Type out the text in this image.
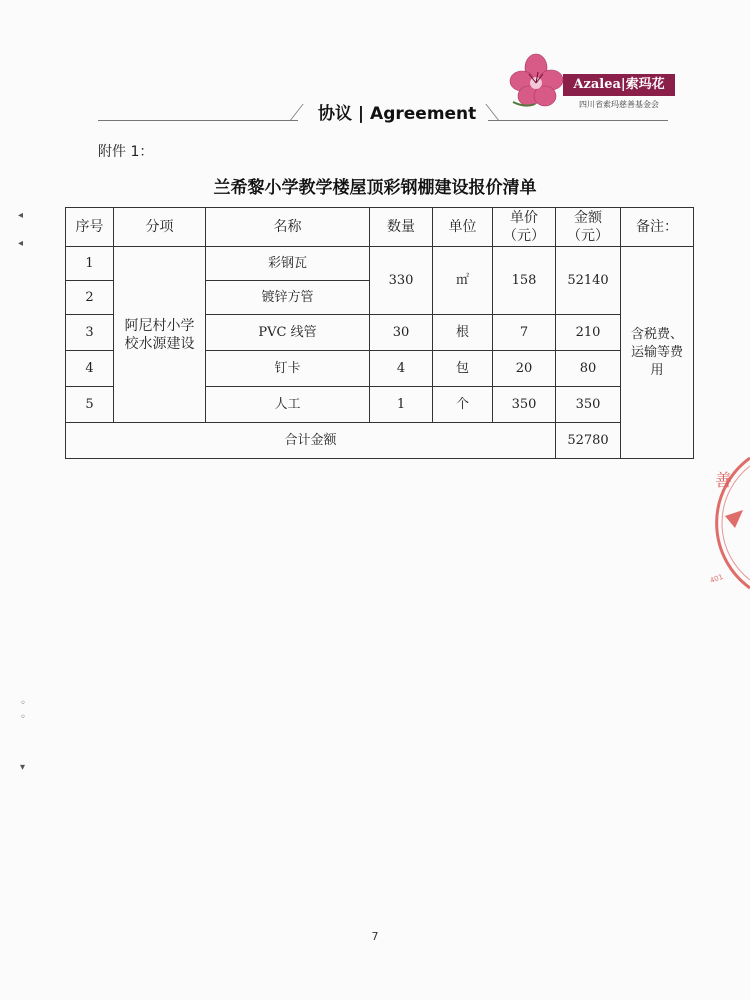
Azalea|索玛花
四川省索玛慈善基金会
协议 | Agreement
附件 1：
兰希黎小学教学楼屋顶彩钢棚建设报价清单
序号	分项	名称	数量	单位	单价（元）	金额（元）	备注：
1	阿尼村小学校水源建设	彩钢瓦	330	㎡	158	52140	含税费、运输等费用
2		镀锌方管					
3		PVC 线管	30	根	7	210	
4		钉卡	4	包	20	80	
5		人工	1	个	350	350	
合计金额						52780	
7
◂
◂
◦
◦
▾
善
401
